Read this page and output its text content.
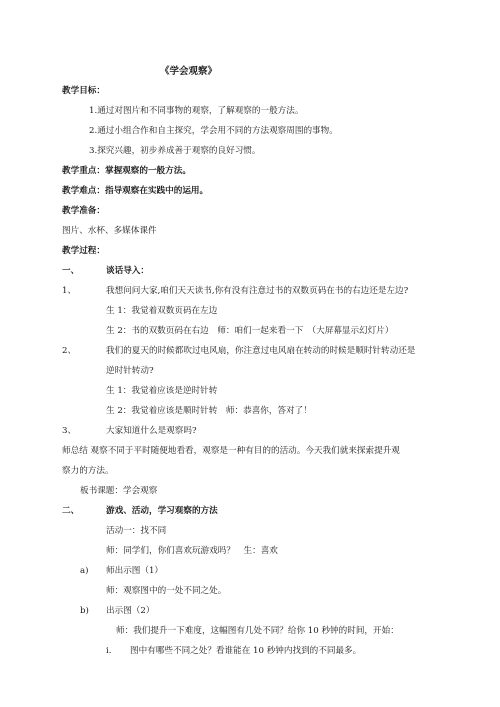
《学会观察》
教学目标：
1.通过对图片和不同事物的观察，了解观察的一般方法。
2.通过小组合作和自主探究，学会用不同的方法观察周围的事物。
3.探究兴趣，初步养成善于观察的良好习惯。
教学重点：掌握观察的一般方法。
教学难点：指导观察在实践中的运用。
教学准备：
图片、水杯、多媒体课件
教学过程：
一、	谈话导入：
1、	我想问问大家,咱们天天读书,你有没有注意过书的双数页码在书的右边还是左边?
生 1：我觉着双数页码在左边
生 2：书的双数页码在右边　师：咱们一起来看一下　（大屏幕显示幻灯片）
2、	我们的夏天的时候都吹过电风扇，你注意过电风扇在转动的时候是顺时针转动还是
逆时针转动?
生 1：我觉着应该是逆时针转
生 2：我觉着应该是顺时针转　师：恭喜你，答对了！
3、	大家知道什么是观察吗?
师总结 观察不同于平时随便地看看，观察是一种有目的的活动。今天我们就来探索提升观
察力的方法。
板书课题：学会观察
二、	游戏、活动，学习观察的方法
活动一：找不同
师：同学们，你们喜欢玩游戏吗？　生：喜欢
a) 师出示图（1）
师：观察图中的一处不同之处。
b) 出示图（2）
师：我们提升一下难度，这幅图有几处不同？给你 10 秒钟的时间，开始：
i. 图中有哪些不同之处？看谁能在 10 秒钟内找到的不同最多。
